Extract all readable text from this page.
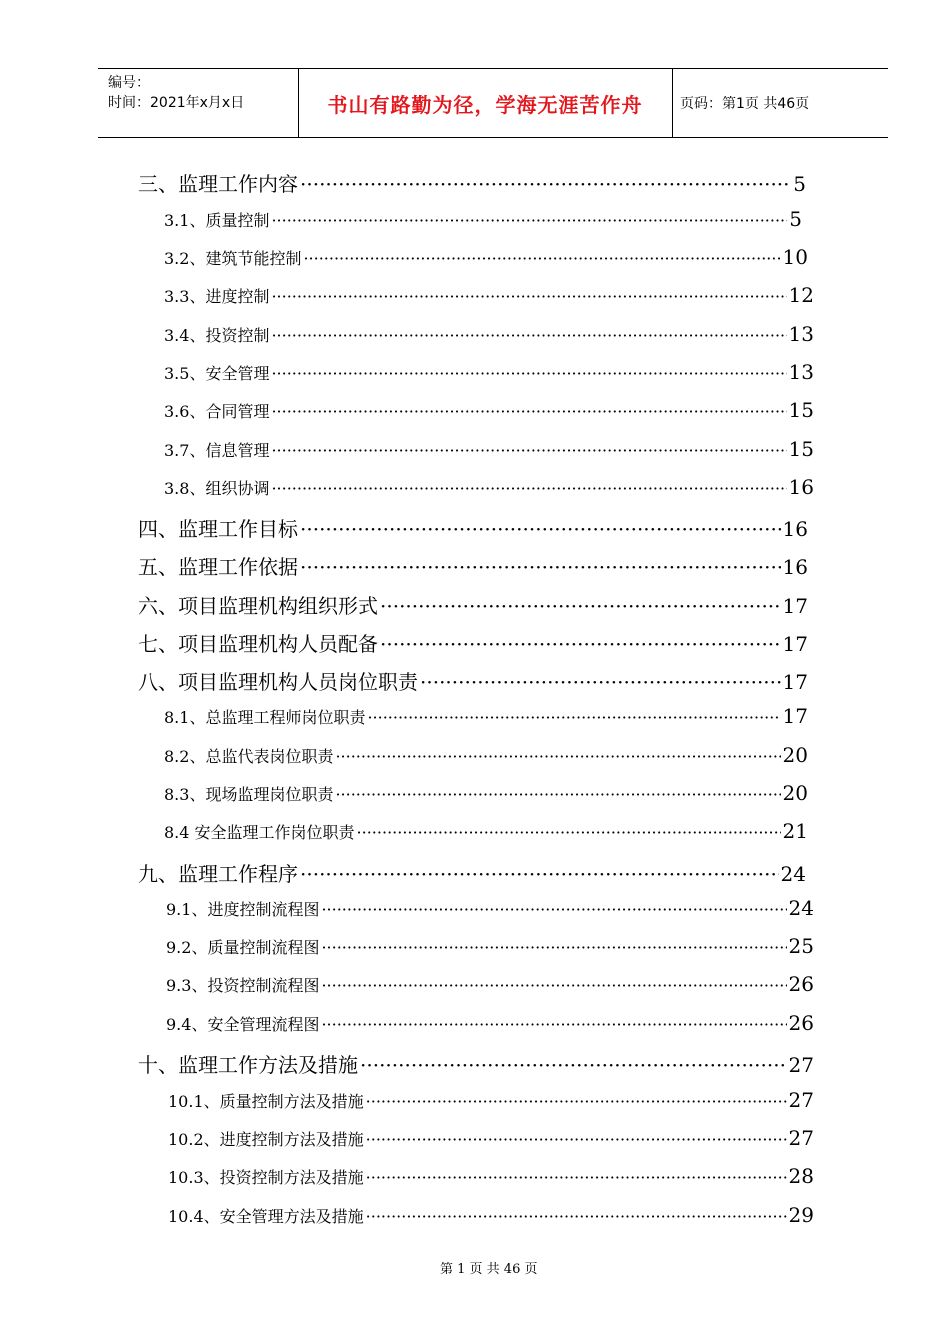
编号：
时间：2021年x月x日	书山有路勤为径，学海无涯苦作舟	页码：第1页 共46页
三、监理工作内容 ·····	5
3.1、质量控制 ·····	5
3.2、建筑节能控制 ·····	10
3.3、进度控制 ·····	12
3.4、投资控制 ·····	13
3.5、安全管理 ·····	13
3.6、合同管理 ·····	15
3.7、信息管理 ·····	15
3.8、组织协调 ·····	16
四、监理工作目标 ·····	16
五、监理工作依据 ·····	16
六、项目监理机构组织形式 ·····	17
七、项目监理机构人员配备 ·····	17
八、项目监理机构人员岗位职责 ·····	17
8.1、总监理工程师岗位职责 ·····	17
8.2、总监代表岗位职责 ·····	20
8.3、现场监理岗位职责 ·····	20
8.4 安全监理工作岗位职责 ·····	21
九、监理工作程序 ·····	24
9.1、进度控制流程图 ·····	24
9.2、质量控制流程图 ·····	25
9.3、投资控制流程图 ·····	26
9.4、安全管理流程图 ·····	26
十、监理工作方法及措施 ·····	27
10.1、质量控制方法及措施 ·····	27
10.2、进度控制方法及措施 ·····	27
10.3、投资控制方法及措施 ·····	28
10.4、安全管理方法及措施 ·····	29
第 1 页 共 46 页
